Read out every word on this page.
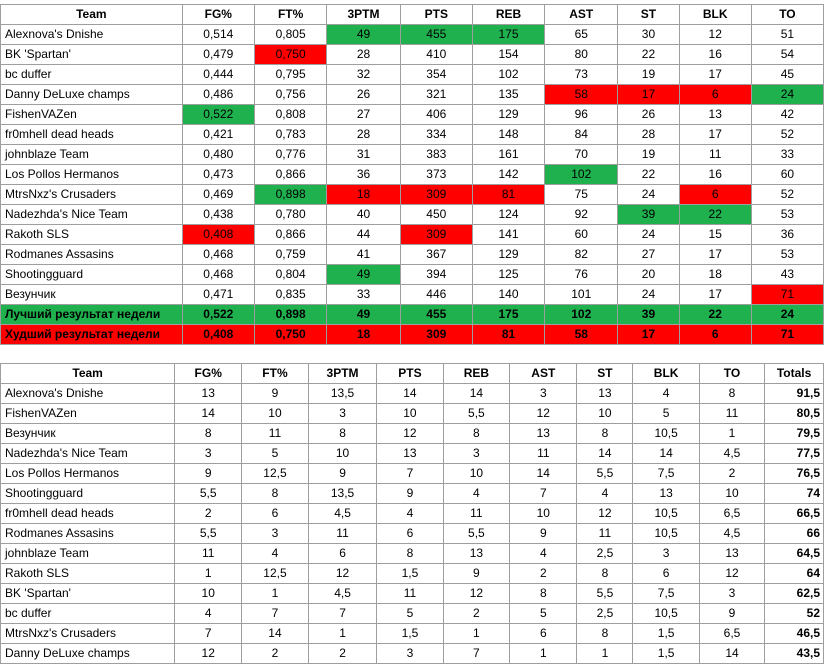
Team	FG%	FT%	3PTM	PTS	REB	AST	ST	BLK	TO
Alexnova's Dnishe	0,514	0,805	49	455	175	65	30	12	51
BK 'Spartan'	0,479	0,750	28	410	154	80	22	16	54
bc duffer	0,444	0,795	32	354	102	73	19	17	45
Danny DeLuxe champs	0,486	0,756	26	321	135	58	17	6	24
FishenVAZen	0,522	0,808	27	406	129	96	26	13	42
fr0mhell dead heads	0,421	0,783	28	334	148	84	28	17	52
johnblaze Team	0,480	0,776	31	383	161	70	19	11	33
Los Pollos Hermanos	0,473	0,866	36	373	142	102	22	16	60
MtrsNxz's Crusaders	0,469	0,898	18	309	81	75	24	6	52
Nadezhda's Nice Team	0,438	0,780	40	450	124	92	39	22	53
Rakoth SLS	0,408	0,866	44	309	141	60	24	15	36
Rodmanes Assasins	0,468	0,759	41	367	129	82	27	17	53
Shootingguard	0,468	0,804	49	394	125	76	20	18	43
Везунчик	0,471	0,835	33	446	140	101	24	17	71
Лучший результат недели	0,522	0,898	49	455	175	102	39	22	24
Худший результат недели	0,408	0,750	18	309	81	58	17	6	71
Team	FG%	FT%	3PTM	PTS	REB	AST	ST	BLK	TO	Totals
Alexnova's Dnishe	13	9	13,5	14	14	3	13	4	8	91,5
FishenVAZen	14	10	3	10	5,5	12	10	5	11	80,5
Везунчик	8	11	8	12	8	13	8	10,5	1	79,5
Nadezhda's Nice Team	3	5	10	13	3	11	14	14	4,5	77,5
Los Pollos Hermanos	9	12,5	9	7	10	14	5,5	7,5	2	76,5
Shootingguard	5,5	8	13,5	9	4	7	4	13	10	74
fr0mhell dead heads	2	6	4,5	4	11	10	12	10,5	6,5	66,5
Rodmanes Assasins	5,5	3	11	6	5,5	9	11	10,5	4,5	66
johnblaze Team	11	4	6	8	13	4	2,5	3	13	64,5
Rakoth SLS	1	12,5	12	1,5	9	2	8	6	12	64
BK 'Spartan'	10	1	4,5	11	12	8	5,5	7,5	3	62,5
bc duffer	4	7	7	5	2	5	2,5	10,5	9	52
MtrsNxz's Crusaders	7	14	1	1,5	1	6	8	1,5	6,5	46,5
Danny DeLuxe champs	12	2	2	3	7	1	1	1,5	14	43,5
